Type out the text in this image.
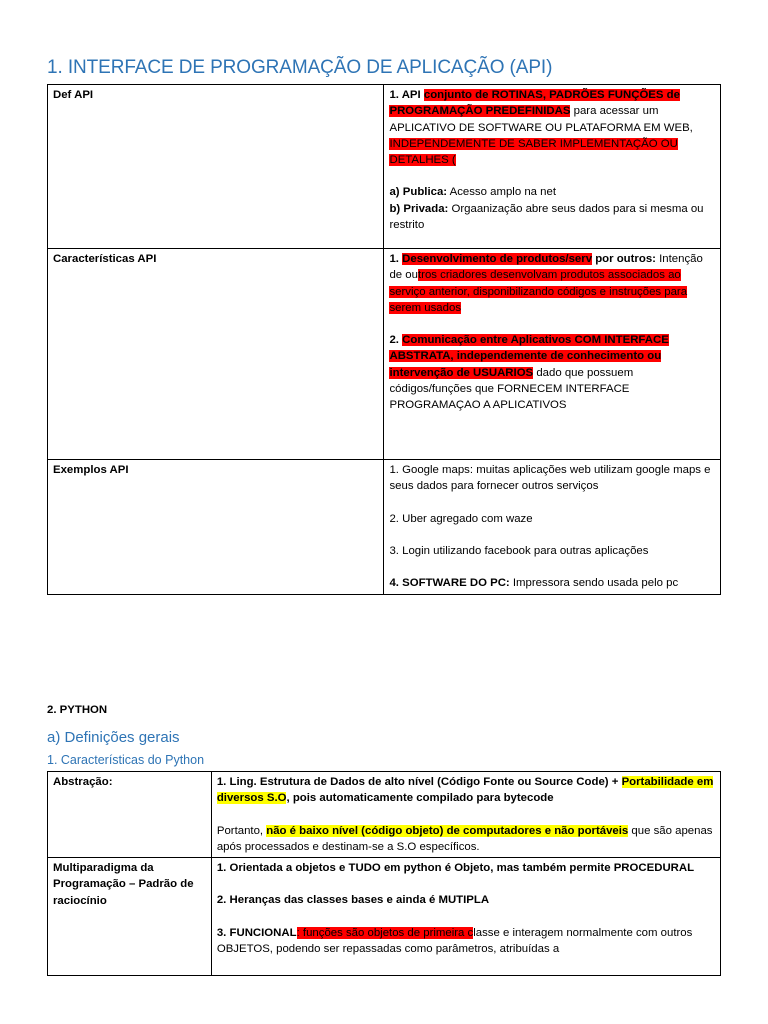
1. INTERFACE DE PROGRAMAÇÃO DE APLICAÇÃO (API)
Def API	1. API conjunto de ROTINAS, PADRÕES FUNÇÕES de PROGRAMAÇÃO PREDEFINIDAS para acessar um APLICATIVO DE SOFTWARE OU PLATAFORMA EM WEB, INDEPENDEMENTE DE SABER IMPLEMENTAÇÃO OU DETALHES (
a) Publica: Acesso amplo na net
b) Privada: Orgaanização abre seus dados para si mesma ou restrito

Características API	1. Desenvolvimento de produtos/serv por outros: Intenção de outros criadores desenvolvam produtos associados ao serviço anterior, disponibilizando códigos e instruções para serem usados
2. Comunicação entre Aplicativos COM INTERFACE ABSTRATA, independemente de conhecimento ou intervenção de USUARIOS dado que possuem códigos/funções que FORNECEM INTERFACE PROGRAMAÇAO A APLICATIVOS

Exemplos API	1. Google maps: muitas aplicações web utilizam google maps e seus dados para fornecer outros serviços
2. Uber agregado com waze
3. Login utilizando facebook para outras aplicações
4. SOFTWARE DO PC: Impressora sendo usada pelo pc
2. PYTHON
a) Definições gerais
1. Características do Python
Abstração:	1. Ling. Estrutura de Dados de alto nível (Código Fonte ou Source Code) + Portabilidade em diversos S.O, pois automaticamente compilado para bytecode
Portanto, não é baixo nível (código objeto) de computadores e não portáveis que são apenas após processados e destinam-se a S.O específicos.

Multiparadigma da Programação – Padrão de raciocínio	1. Orientada a objetos e TUDO em python é Objeto, mas também permite PROCEDURAL
2. Heranças das classes bases e ainda é MUTIPLA
3. FUNCIONAL: funções são objetos de primeira classe e interagem normalmente com outros OBJETOS, podendo ser repassadas como parâmetros, atribuídas a
